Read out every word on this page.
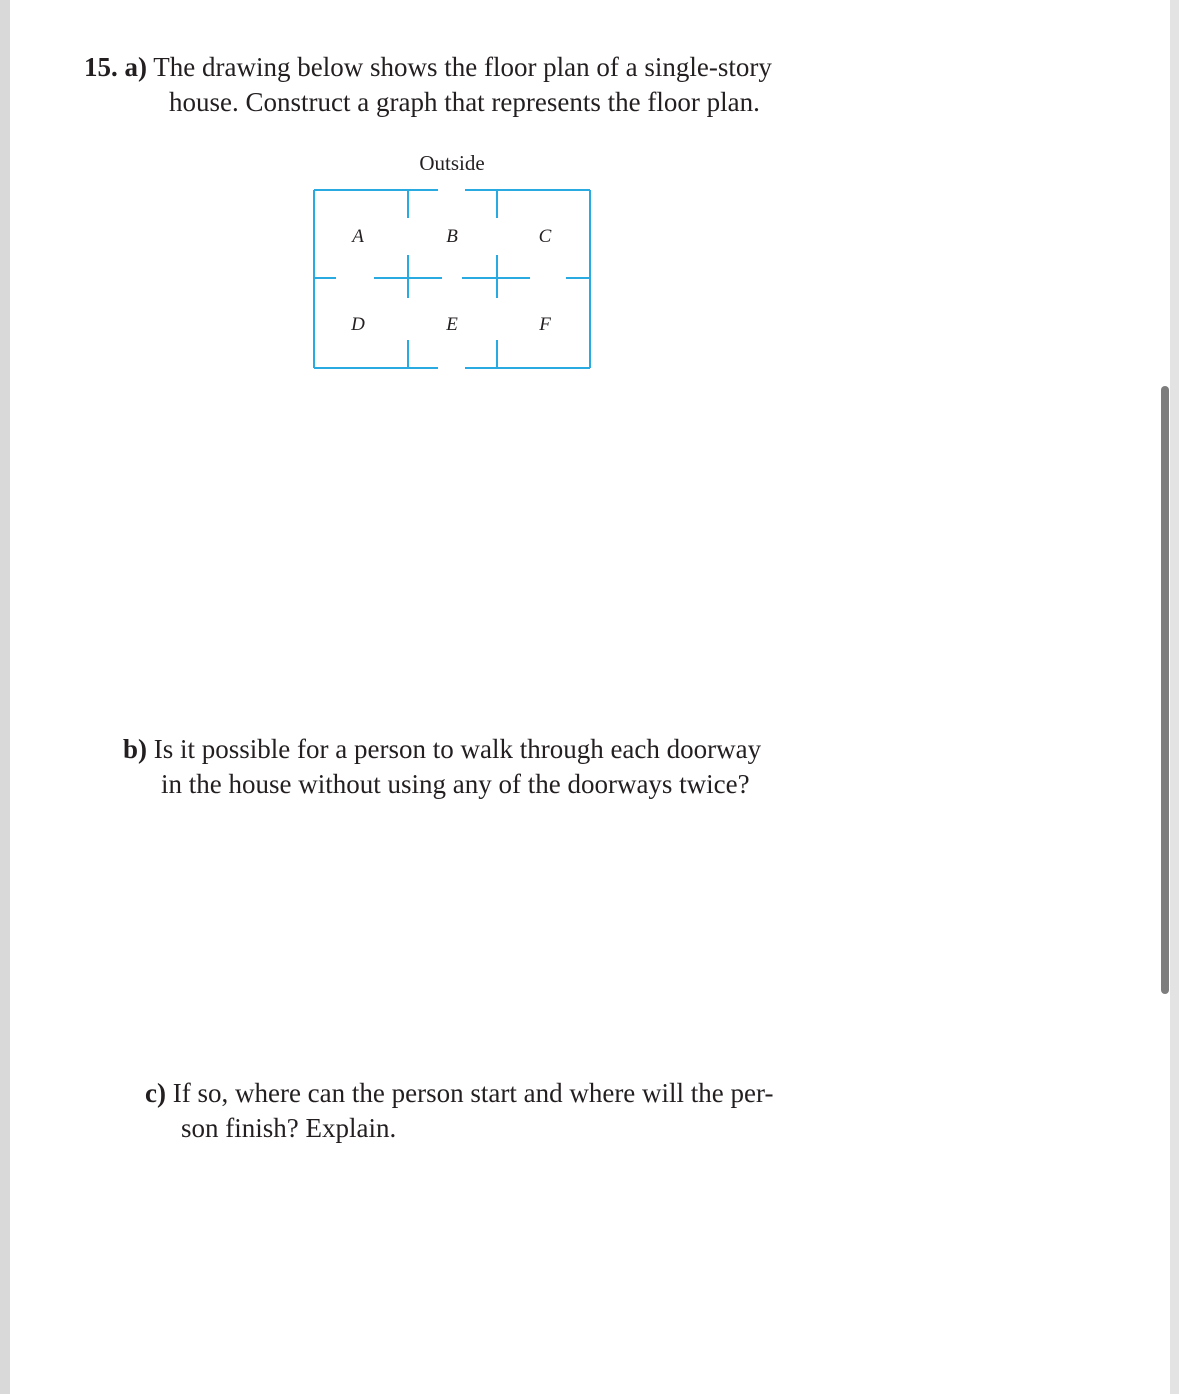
15. a) The drawing below shows the floor plan of a single-story
house. Construct a graph that represents the floor plan.
Outside
A	B	C
D	E	F
b) Is it possible for a person to walk through each doorway
in the house without using any of the doorways twice?
c) If so, where can the person start and where will the per-
son finish? Explain.
